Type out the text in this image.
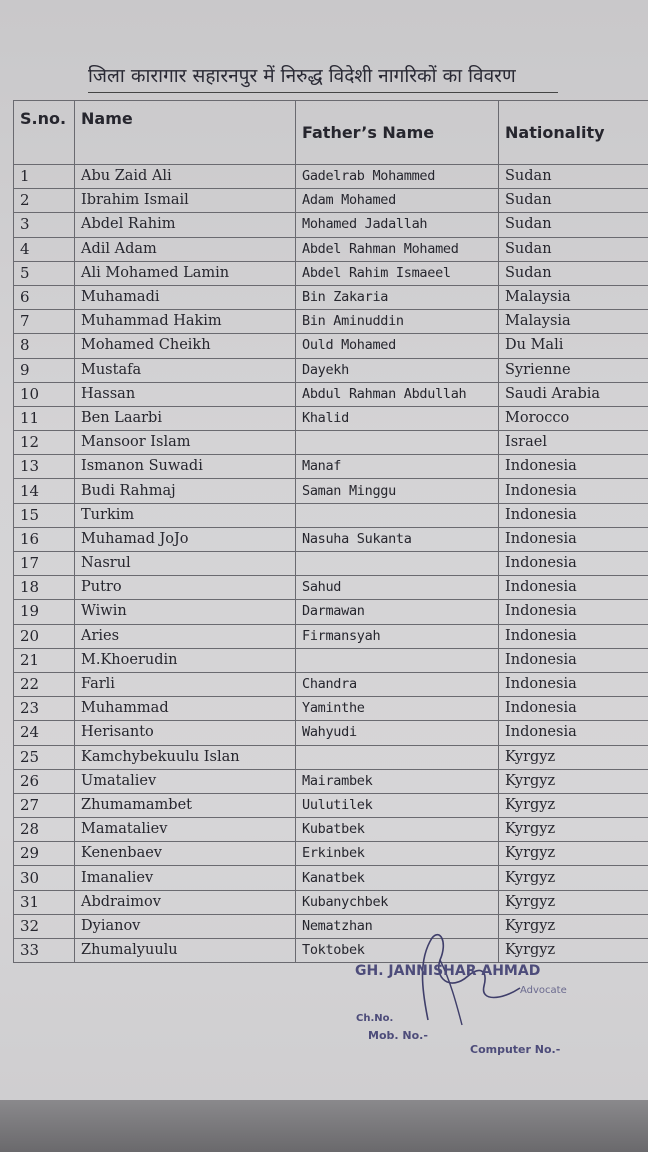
जिला कारागार सहारनपुर में निरुद्ध विदेशी नागरिकों का विवरण
S.no.	Name	Father’s Name	Nationality
1	Abu Zaid Ali	Gadelrab Mohammed	Sudan
2	Ibrahim Ismail	Adam Mohamed	Sudan
3	Abdel Rahim	Mohamed Jadallah	Sudan
4	Adil Adam	Abdel Rahman Mohamed	Sudan
5	Ali Mohamed Lamin	Abdel Rahim Ismaeel	Sudan
6	Muhamadi	Bin Zakaria	Malaysia
7	Muhammad Hakim	Bin Aminuddin	Malaysia
8	Mohamed Cheikh	Ould Mohamed	Du Mali
9	Mustafa	Dayekh	Syrienne
10	Hassan	Abdul Rahman Abdullah	Saudi Arabia
11	Ben Laarbi	Khalid	Morocco
12	Mansoor Islam		Israel
13	Ismanon Suwadi	Manaf	Indonesia
14	Budi Rahmaj	Saman Minggu	Indonesia
15	Turkim		Indonesia
16	Muhamad JoJo	Nasuha Sukanta	Indonesia
17	Nasrul		Indonesia
18	Putro	Sahud	Indonesia
19	Wiwin	Darmawan	Indonesia
20	Aries	Firmansyah	Indonesia
21	M.Khoerudin		Indonesia
22	Farli	Chandra	Indonesia
23	Muhammad	Yaminthe	Indonesia
24	Herisanto	Wahyudi	Indonesia
25	Kamchybekuulu Islan		Kyrgyz
26	Umataliev	Mairambek	Kyrgyz
27	Zhumamambet	Uulutilek	Kyrgyz
28	Mamataliev	Kubatbek	Kyrgyz
29	Kenenbaev	Erkinbek	Kyrgyz
30	Imanaliev	Kanatbek	Kyrgyz
31	Abdraimov	Kubanychbek	Kyrgyz
32	Dyianov	Nematzhan	Kyrgyz
33	Zhumalyuulu	Toktobek	Kyrgyz
GH. JANNISHAR AHMAD
Advocate
Ch.No.
Mob. No.-
Computer No.-
